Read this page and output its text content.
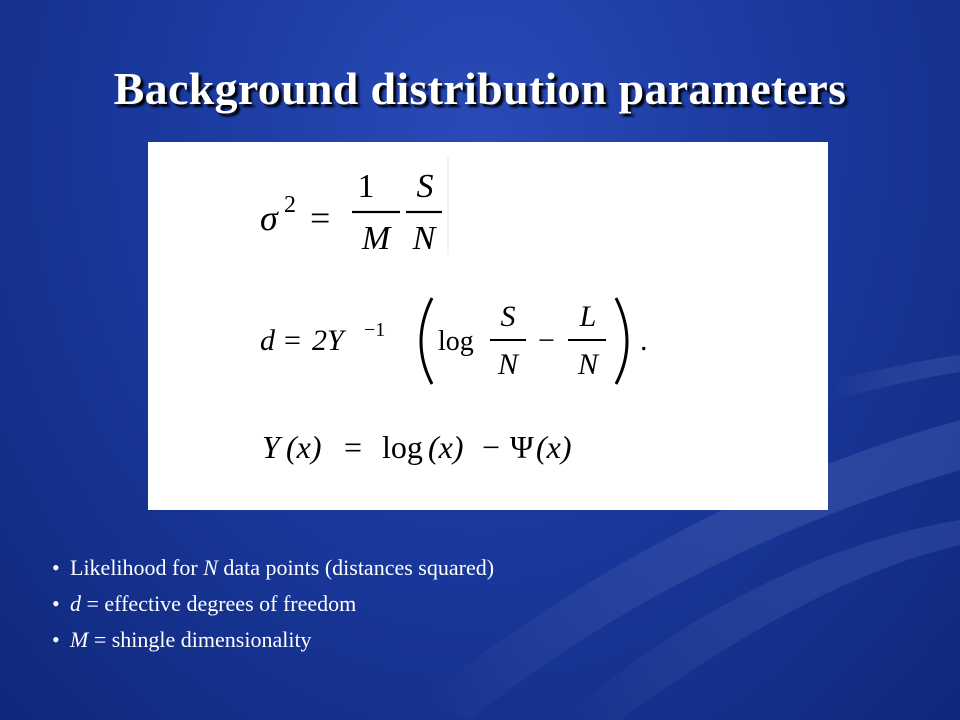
Background distribution parameters
σ 2 =
1
M
S
N
d = 2Y −1 log
S
N
−
L
N
.
Y (x) = log (x) − Ψ (x)
• Likelihood for N data points (distances squared)
• d = effective degrees of freedom
• M = shingle dimensionality
